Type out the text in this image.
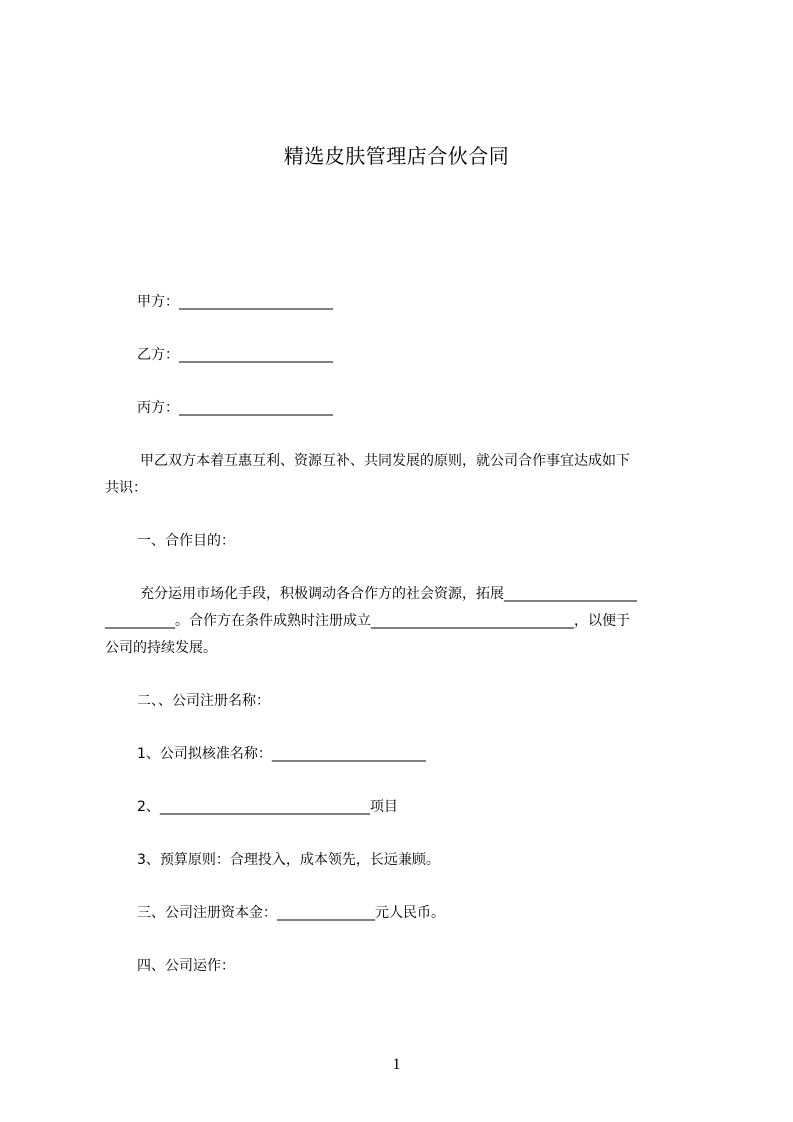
精选皮肤管理店合伙合同
甲方：______________________
乙方：______________________
丙方：______________________
甲乙双方本着互惠互利、资源互补、共同发展的原则，就公司合作事宜达成如下
共识：
一、合作目的：
充分运用市场化手段，积极调动各合作方的社会资源，拓展___________________
__________。合作方在条件成熟时注册成立_____________________________，以便于
公司的持续发展。
二、、公司注册名称：
1、公司拟核准名称：______________________
2、______________________________项目
3、预算原则：合理投入，成本领先，长远兼顾。
三、公司注册资本金：______________元人民币。
四、公司运作：
1
